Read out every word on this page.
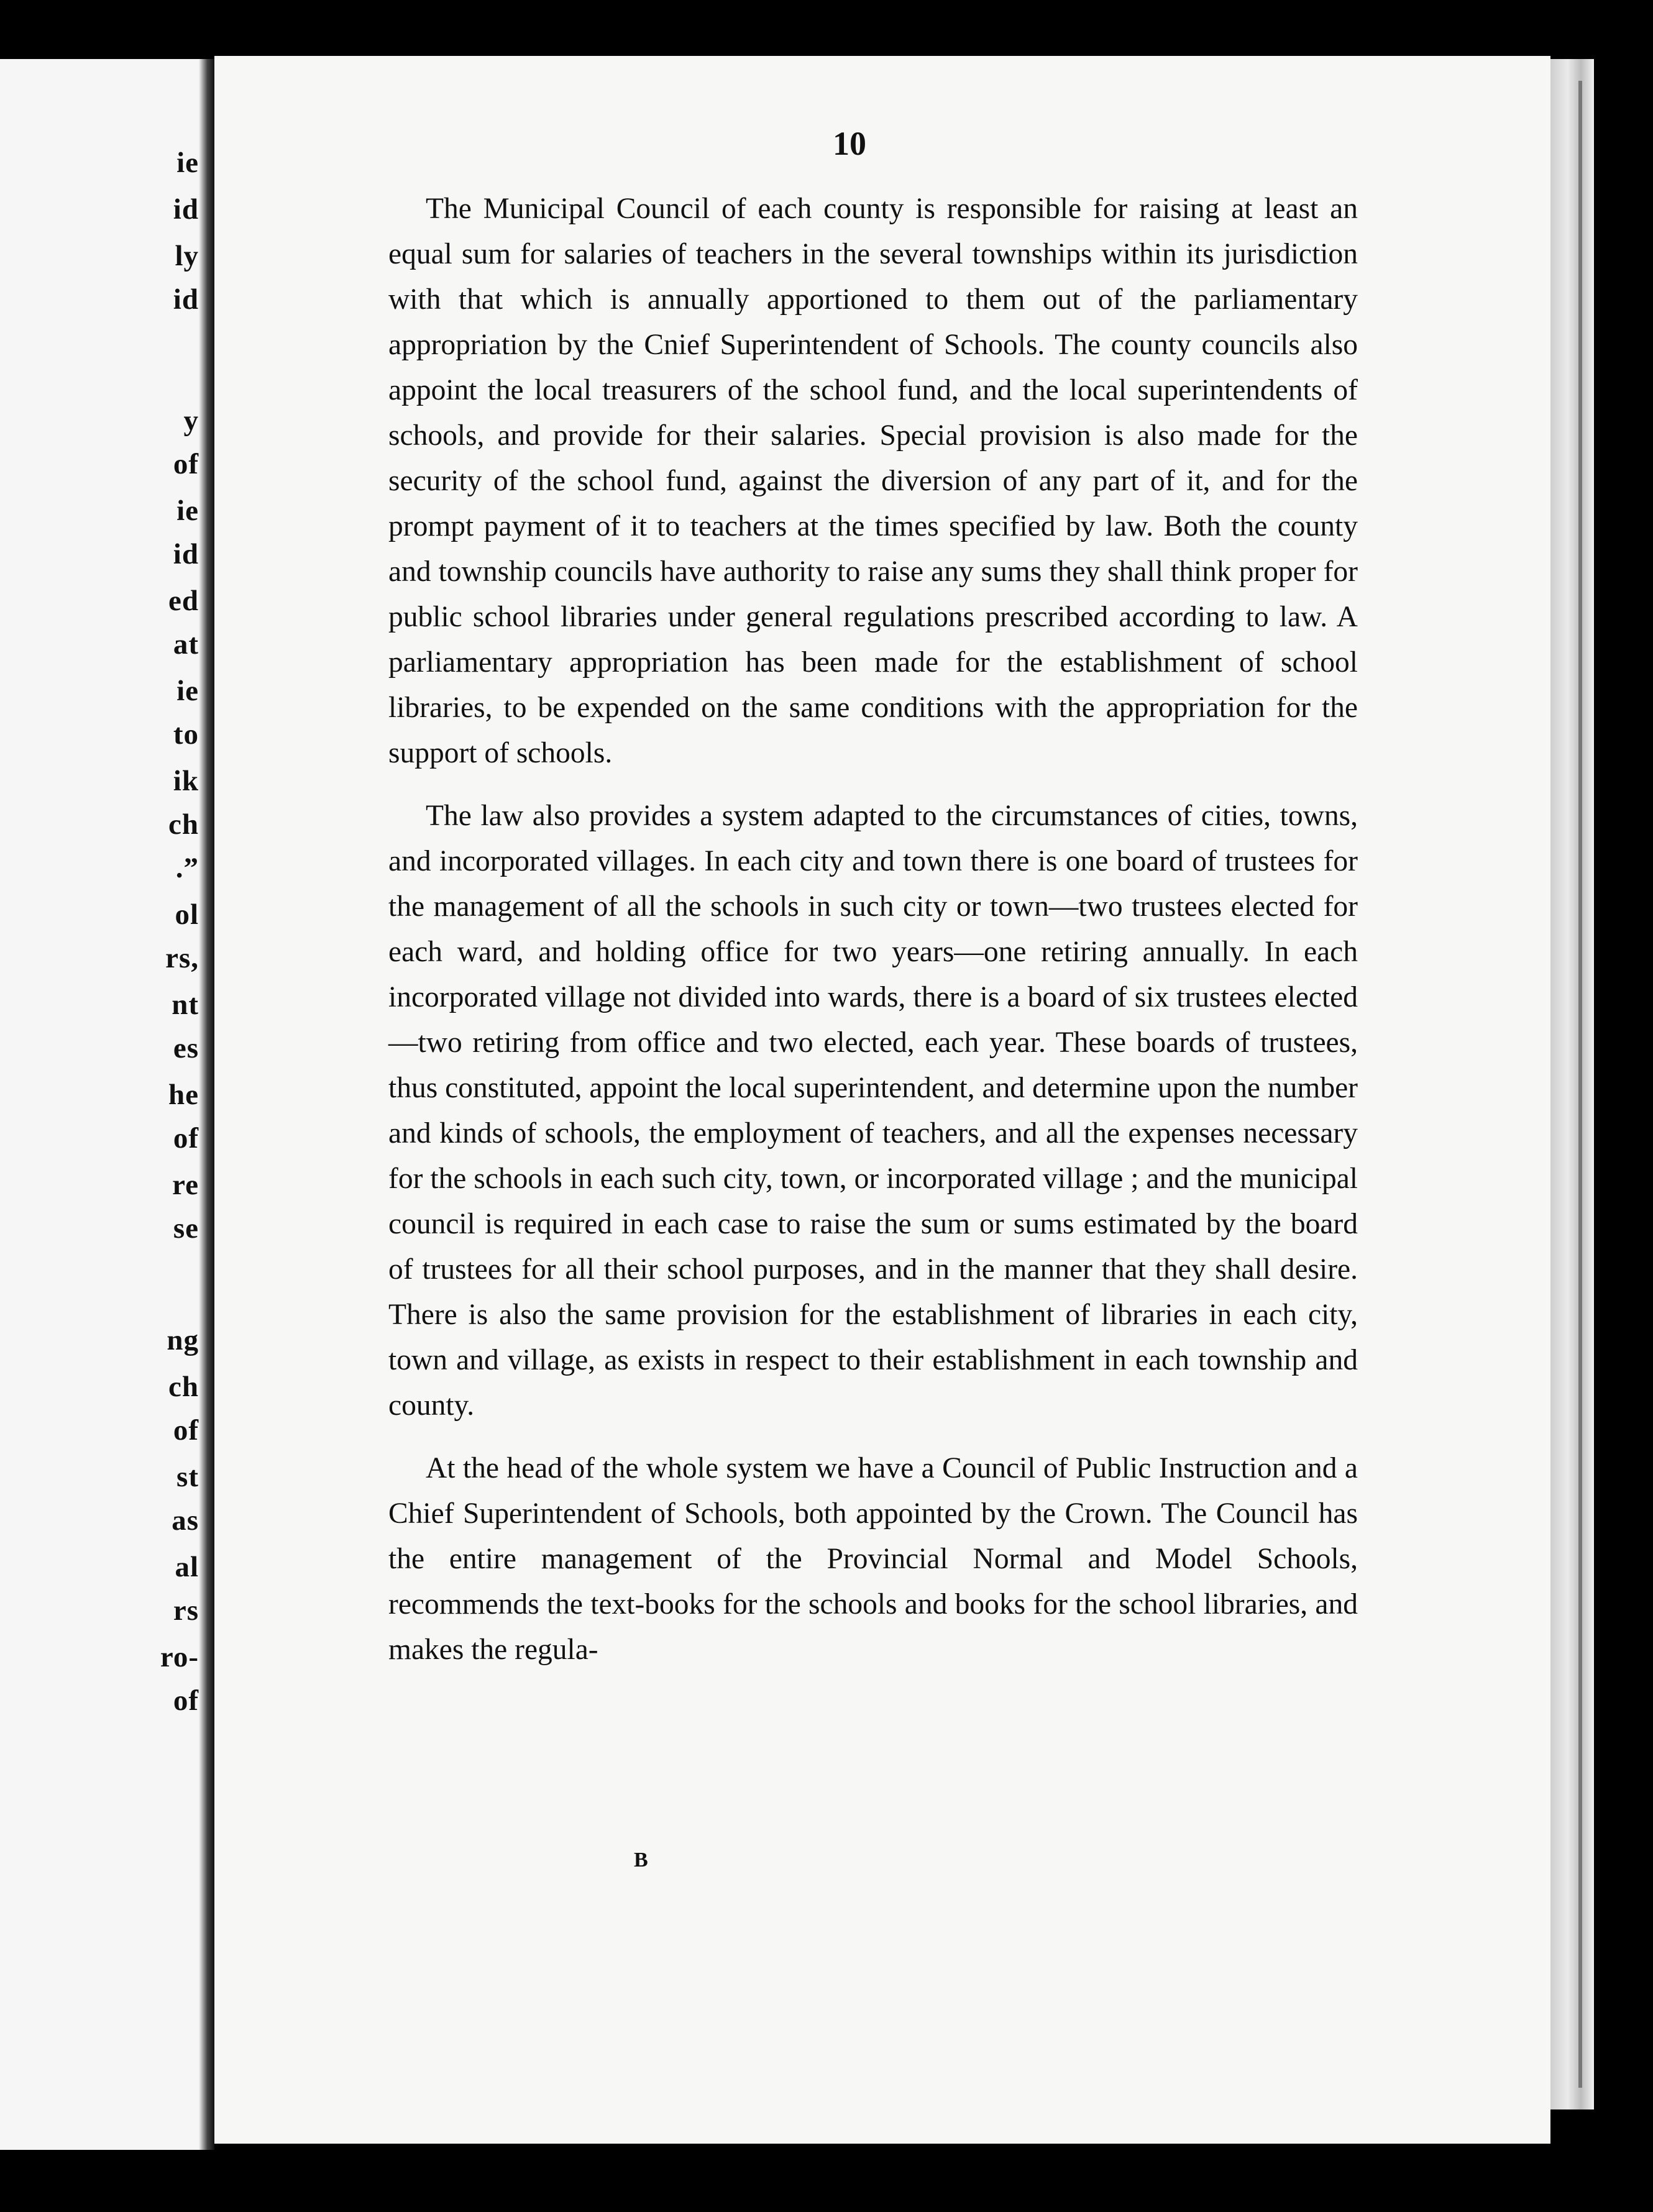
ie
id
ly
id
y
of
ie
id
ed
at
ie
to
ik
ch
.”
ol
rs,
nt
es
he
of
re
se
ng
ch
of
st
as
al
rs
ro-
of
10

The Municipal Council of each county is responsible for raising at least an equal sum for salaries of teachers in the several townships within its jurisdiction with that which is annually apportioned to them out of the parliamentary appropriation by the Cnief Superintendent of Schools. The county councils also appoint the local treasurers of the school fund, and the local superintendents of schools, and provide for their salaries. Special provision is also made for the security of the school fund, against the diversion of any part of it, and for the prompt payment of it to teachers at the times specified by law. Both the county and township councils have authority to raise any sums they shall think proper for public school libraries under general regulations prescribed according to law. A parliamentary appropriation has been made for the establishment of school libraries, to be expended on the same conditions with the appropriation for the support of schools.

The law also provides a system adapted to the circumstances of cities, towns, and incorporated villages. In each city and town there is one board of trustees for the management of all the schools in such city or town—two trustees elected for each ward, and holding office for two years—one retiring annually. In each incorporated village not divided into wards, there is a board of six trustees elected —two retiring from office and two elected, each year. These boards of trustees, thus constituted, appoint the local superintendent, and determine upon the number and kinds of schools, the employment of teachers, and all the expenses necessary for the schools in each such city, town, or incorporated village ; and the municipal council is required in each case to raise the sum or sums estimated by the board of trustees for all their school purposes, and in the manner that they shall desire. There is also the same provision for the establishment of libraries in each city, town and village, as exists in respect to their establishment in each township and county.

At the head of the whole system we have a Council of Public Instruction and a Chief Superintendent of Schools, both appointed by the Crown. The Council has the entire management of the Provincial Normal and Model Schools, recommends the text-books for the schools and books for the school libraries, and makes the regula-

B
